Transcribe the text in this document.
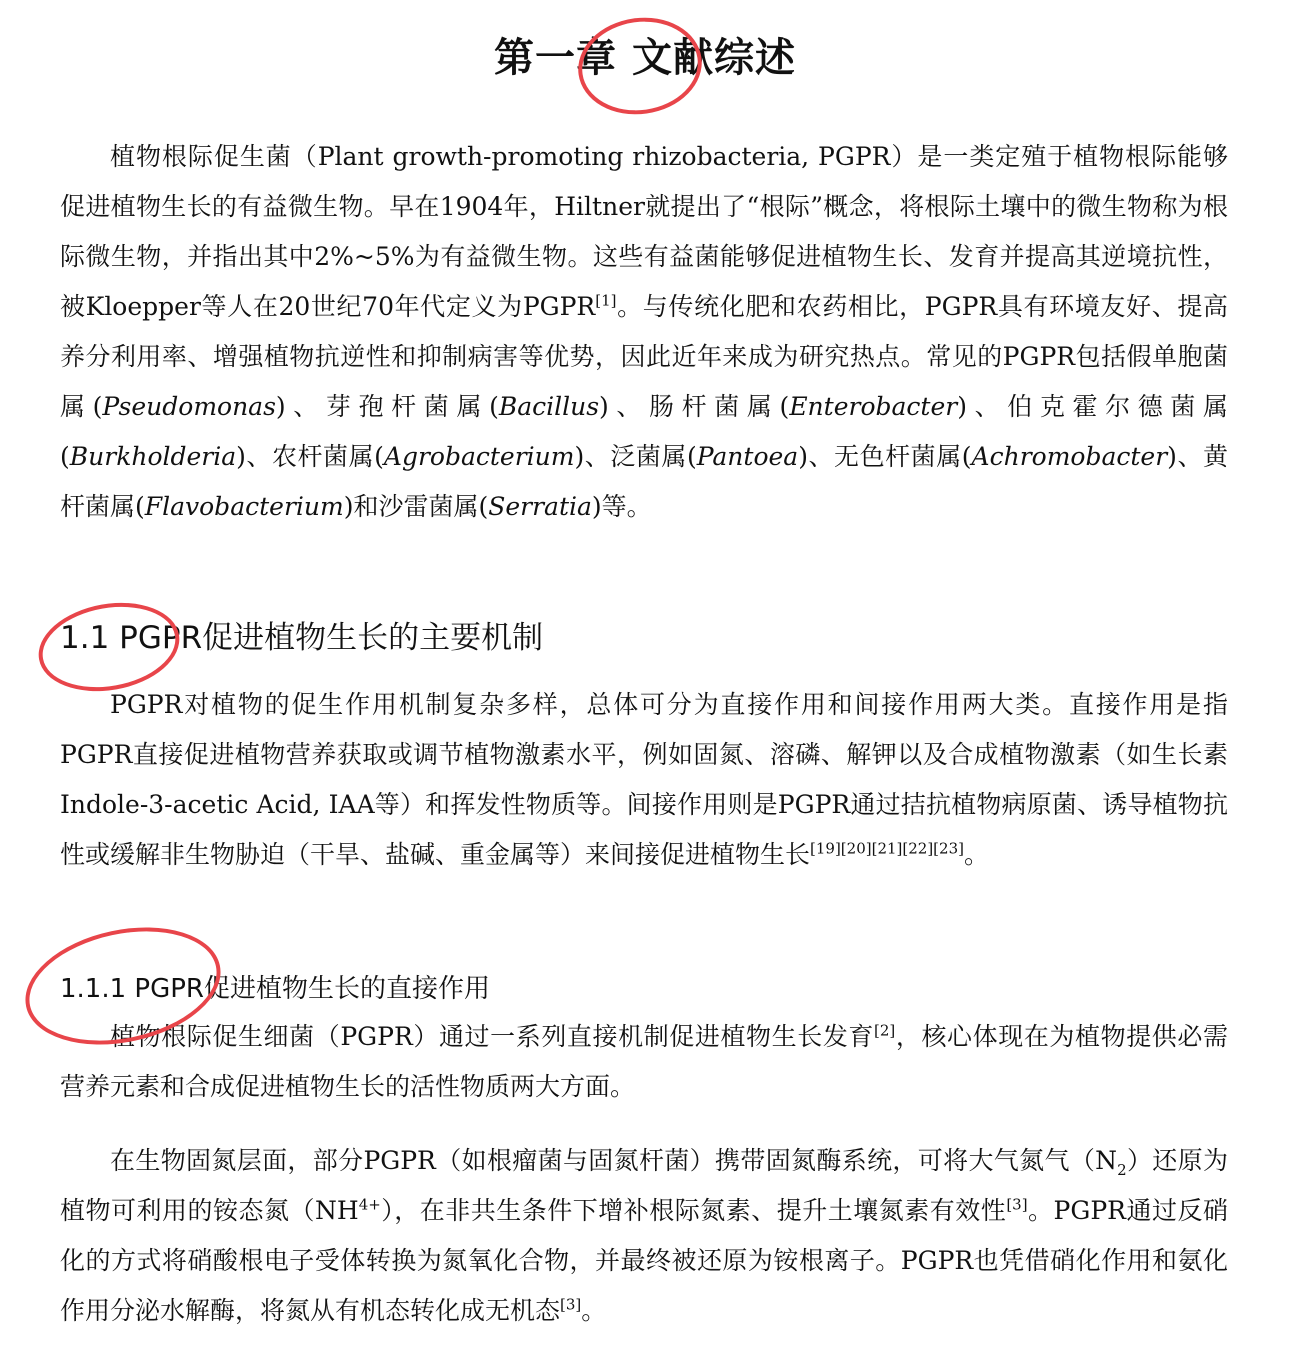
第一章 文献综述

植物根际促生菌（Plant growth-promoting rhizobacteria, PGPR）是一类定殖于植物根际能够促进植物生长的有益微生物。早在1904年，Hiltner就提出了“根际”概念，将根际土壤中的微生物称为根际微生物，并指出其中2%~5%为有益微生物。这些有益菌能够促进植物生长、发育并提高其逆境抗性，被Kloepper等人在20世纪70年代定义为PGPR[1]。与传统化肥和农药相比，PGPR具有环境友好、提高养分利用率、增强植物抗逆性和抑制病害等优势，因此近年来成为研究热点。常见的PGPR包括假单胞菌属(Pseudomonas)、芽孢杆菌属(Bacillus)、肠杆菌属(Enterobacter)、伯克霍尔德菌属(Burkholderia)、农杆菌属(Agrobacterium)、泛菌属(Pantoea)、无色杆菌属(Achromobacter)、黄杆菌属(Flavobacterium)和沙雷菌属(Serratia)等。

1.1 PGPR促进植物生长的主要机制

PGPR对植物的促生作用机制复杂多样，总体可分为直接作用和间接作用两大类。直接作用是指PGPR直接促进植物营养获取或调节植物激素水平，例如固氮、溶磷、解钾以及合成植物激素（如生长素Indole-3-acetic Acid, IAA等）和挥发性物质等。间接作用则是PGPR通过拮抗植物病原菌、诱导植物抗性或缓解非生物胁迫（干旱、盐碱、重金属等）来间接促进植物生长[19][20][21][22][23]。

1.1.1 PGPR促进植物生长的直接作用

植物根际促生细菌（PGPR）通过一系列直接机制促进植物生长发育[2]，核心体现在为植物提供必需营养元素和合成促进植物生长的活性物质两大方面。

在生物固氮层面，部分PGPR（如根瘤菌与固氮杆菌）携带固氮酶系统，可将大气氮气$(N_2)$还原为植物可利用的铵态氮（NH$^{4+}$），在非共生条件下增补根际氮素、提升土壤氮素有效性[3]。PGPR通过反硝化的方式将硝酸根电子受体转换为氮氧化合物，并最终被还原为铵根离子。PGPR也凭借硝化作用和氨化作用分泌水解酶，将氮从有机态转化成无机态[3]。
